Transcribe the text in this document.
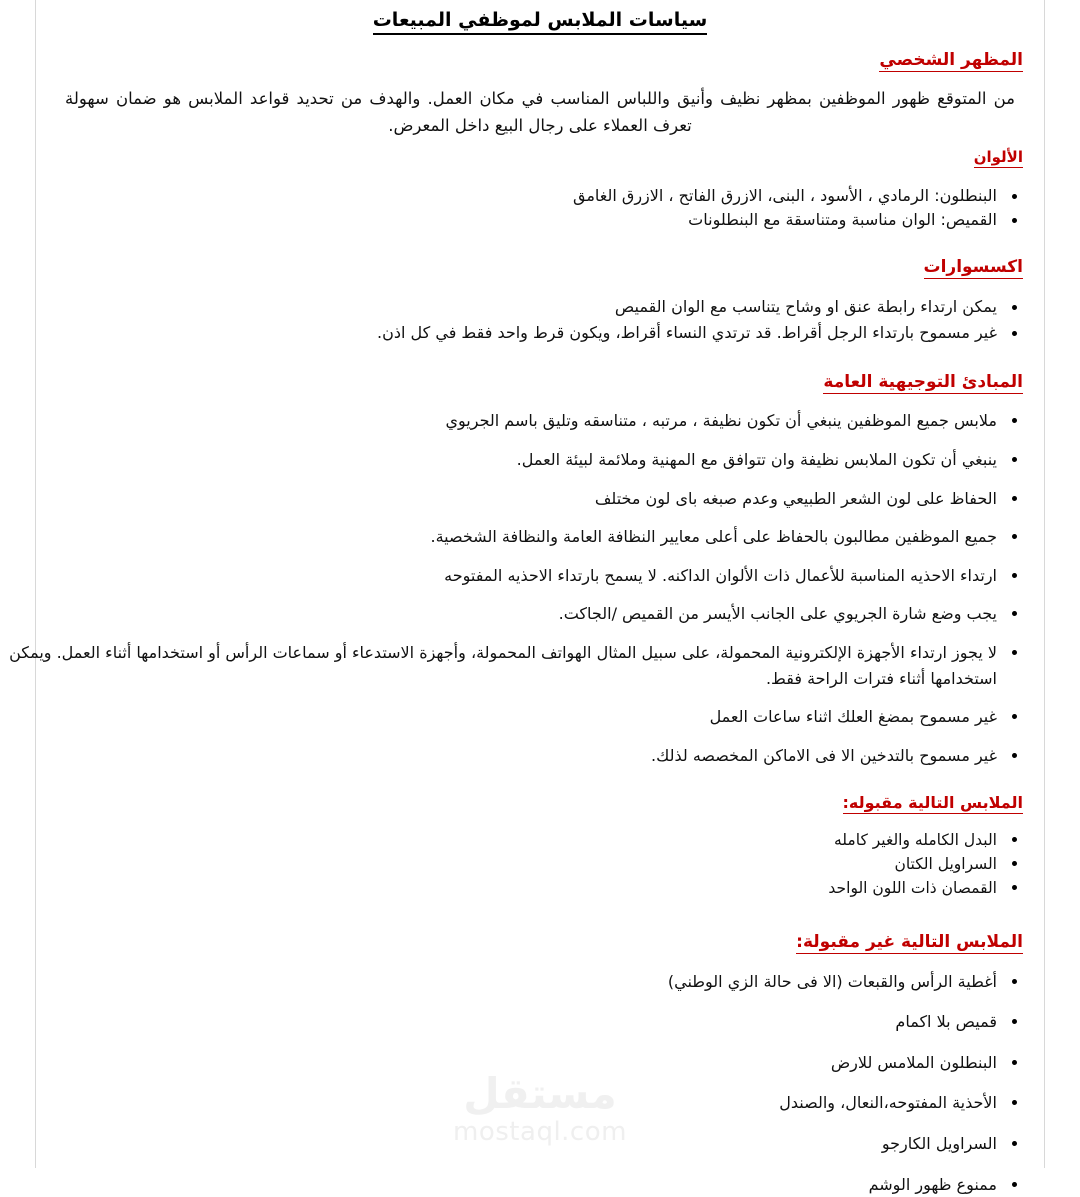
سياسات الملابس لموظفي المبيعات
المظهر الشخصي

من المتوقع ظهور الموظفين بمظهر نظيف وأنيق واللباس المناسب في مكان العمل. والهدف من تحديد قواعد الملابس هو ضمان سهولة تعرف العملاء على رجال البيع داخل المعرض.

الألوان
البنطلون: الرمادي ، الأسود ، البنى، الازرق الفاتح ، الازرق الغامق
القميص: الوان مناسبة ومتناسقة مع البنطلونات
اكسسوارات
يمكن ارتداء رابطة عنق او وشاح يتناسب مع الوان القميص
غير مسموح بارتداء الرجل أقراط. قد ترتدي النساء أقراط، ويكون قرط واحد فقط في كل اذن.
المبادئ التوجيهية العامة
ملابس جميع الموظفين ينبغي أن تكون نظيفة ، مرتبه ، متناسقه وتليق باسم الجريوي
ينبغي أن تكون الملابس نظيفة وان تتوافق مع المهنية وملائمة لبيئة العمل.
الحفاظ على لون الشعر الطبيعي وعدم صبغه باى لون مختلف
جميع الموظفين مطالبون بالحفاظ على أعلى معايير النظافة العامة والنظافة الشخصية.
ارتداء الاحذيه المناسبة للأعمال ذات الألوان الداكنه. لا يسمح بارتداء الاحذيه المفتوحه
يجب وضع شارة الجريوي على الجانب الأيسر من القميص /الجاكت.
لا يجوز ارتداء الأجهزة الإلكترونية المحمولة، على سبيل المثال الهواتف المحمولة، وأجهزة الاستدعاء أو سماعات الرأس أو استخدامها أثناء العمل. ويمكن استخدامها أثناء فترات الراحة فقط.
غير مسموح بمضغ العلك اثناء ساعات العمل
غير مسموح بالتدخين الا فى الاماكن المخصصه لذلك.
الملابس التالية مقبوله:
البدل الكامله والغير كامله
السراويل الكتان
القمصان ذات اللون الواحد
الملابس التالية غير مقبولة:
أغطية الرأس والقبعات (الا فى حالة الزي الوطني)
قميص بلا اكمام
البنطلون الملامس للارض
الأحذية المفتوحه،النعال، والصندل
السراويل الكارجو
ممنوع ظهور الوشم
مستقل
mostaql.com
